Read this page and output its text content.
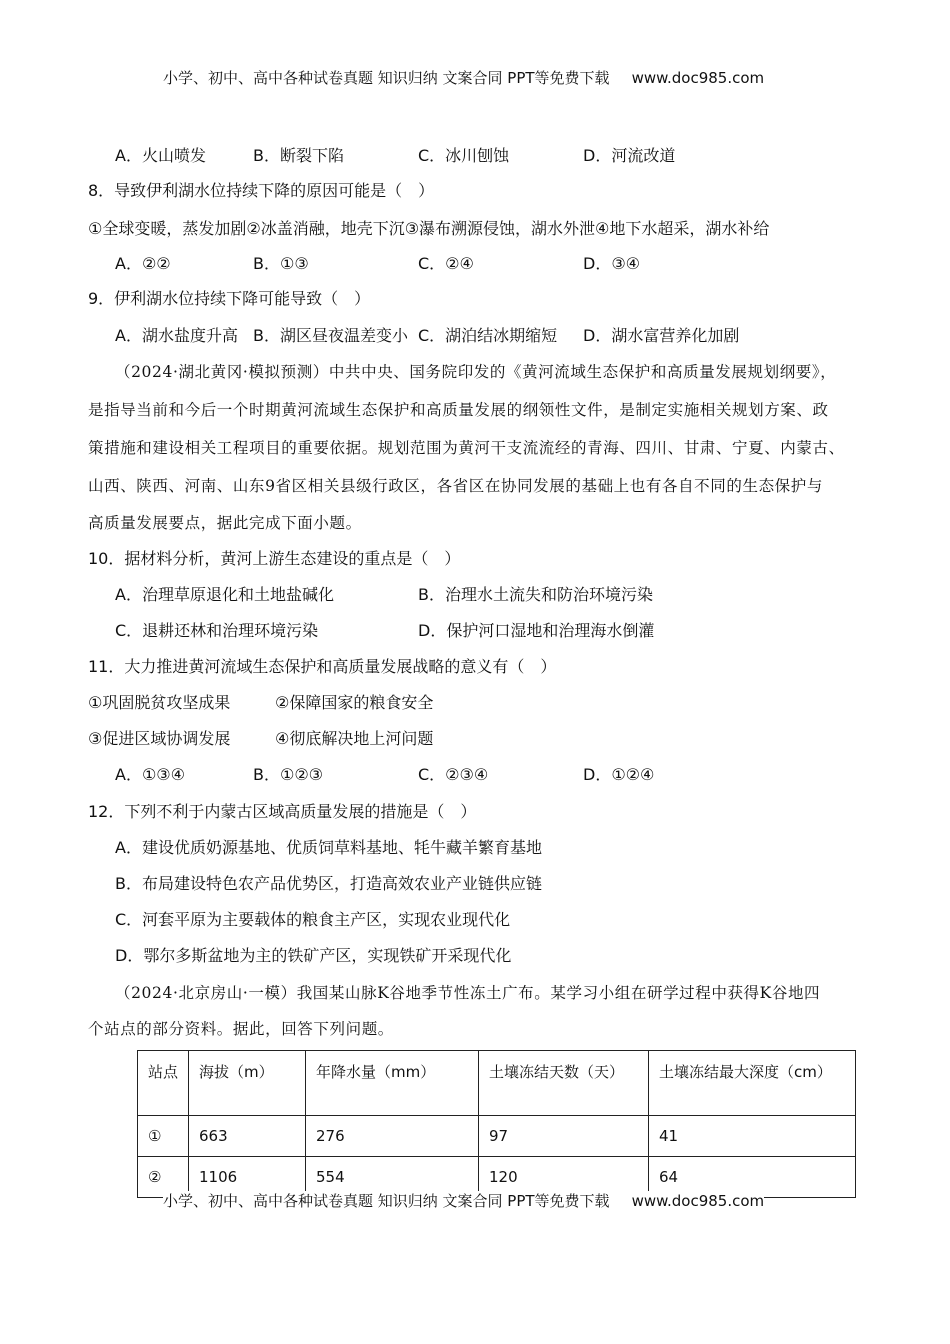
小学、初中、高中各种试卷真题 知识归纳 文案合同 PPT等免费下载 www.doc985.com
A．火山喷发	B．断裂下陷	C．冰川刨蚀	D．河流改道
8．导致伊利湖水位持续下降的原因可能是（　）
①全球变暖，蒸发加剧②冰盖消融，地壳下沉③瀑布溯源侵蚀，湖水外泄④地下水超采，湖水补给
A．②②	B．①③	C．②④	D．③④
9．伊利湖水位持续下降可能导致（　）
A．湖水盐度升高 B．湖区昼夜温差变小 C．湖泊结冰期缩短 D．湖水富营养化加剧
（2024·湖北黄冈·模拟预测）中共中央、国务院印发的《黄河流域生态保护和高质量发展规划纲要》，
是指导当前和今后一个时期黄河流域生态保护和高质量发展的纲领性文件，是制定实施相关规划方案、政
策措施和建设相关工程项目的重要依据。规划范围为黄河干支流流经的青海、四川、甘肃、宁夏、内蒙古、
山西、陕西、河南、山东9省区相关县级行政区，各省区在协同发展的基础上也有各自不同的生态保护与
高质量发展要点，据此完成下面小题。
10．据材料分析，黄河上游生态建设的重点是（　）
A．治理草原退化和土地盐碱化	B．治理水土流失和防治环境污染
C．退耕还林和治理环境污染	D．保护河口湿地和治理海水倒灌
11．大力推进黄河流域生态保护和高质量发展战略的意义有（　）
①巩固脱贫攻坚成果	②保障国家的粮食安全
③促进区域协调发展	④彻底解决地上河问题
A．①③④	B．①②③	C．②③④	D．①②④
12．下列不利于内蒙古区域高质量发展的措施是（　）
A．建设优质奶源基地、优质饲草料基地、牦牛藏羊繁育基地
B．布局建设特色农产品优势区，打造高效农业产业链供应链
C．河套平原为主要载体的粮食主产区，实现农业现代化
D．鄂尔多斯盆地为主的铁矿产区，实现铁矿开采现代化
（2024·北京房山·一模）我国某山脉K谷地季节性冻土广布。某学习小组在研学过程中获得K谷地四
个站点的部分资料。据此，回答下列问题。
站点	海拔（m）	年降水量（mm）	土壤冻结天数（天）	土壤冻结最大深度（cm）
①	663	276	97	41
②	1106	554	120	64
小学、初中、高中各种试卷真题 知识归纳 文案合同 PPT等免费下载 www.doc985.com
